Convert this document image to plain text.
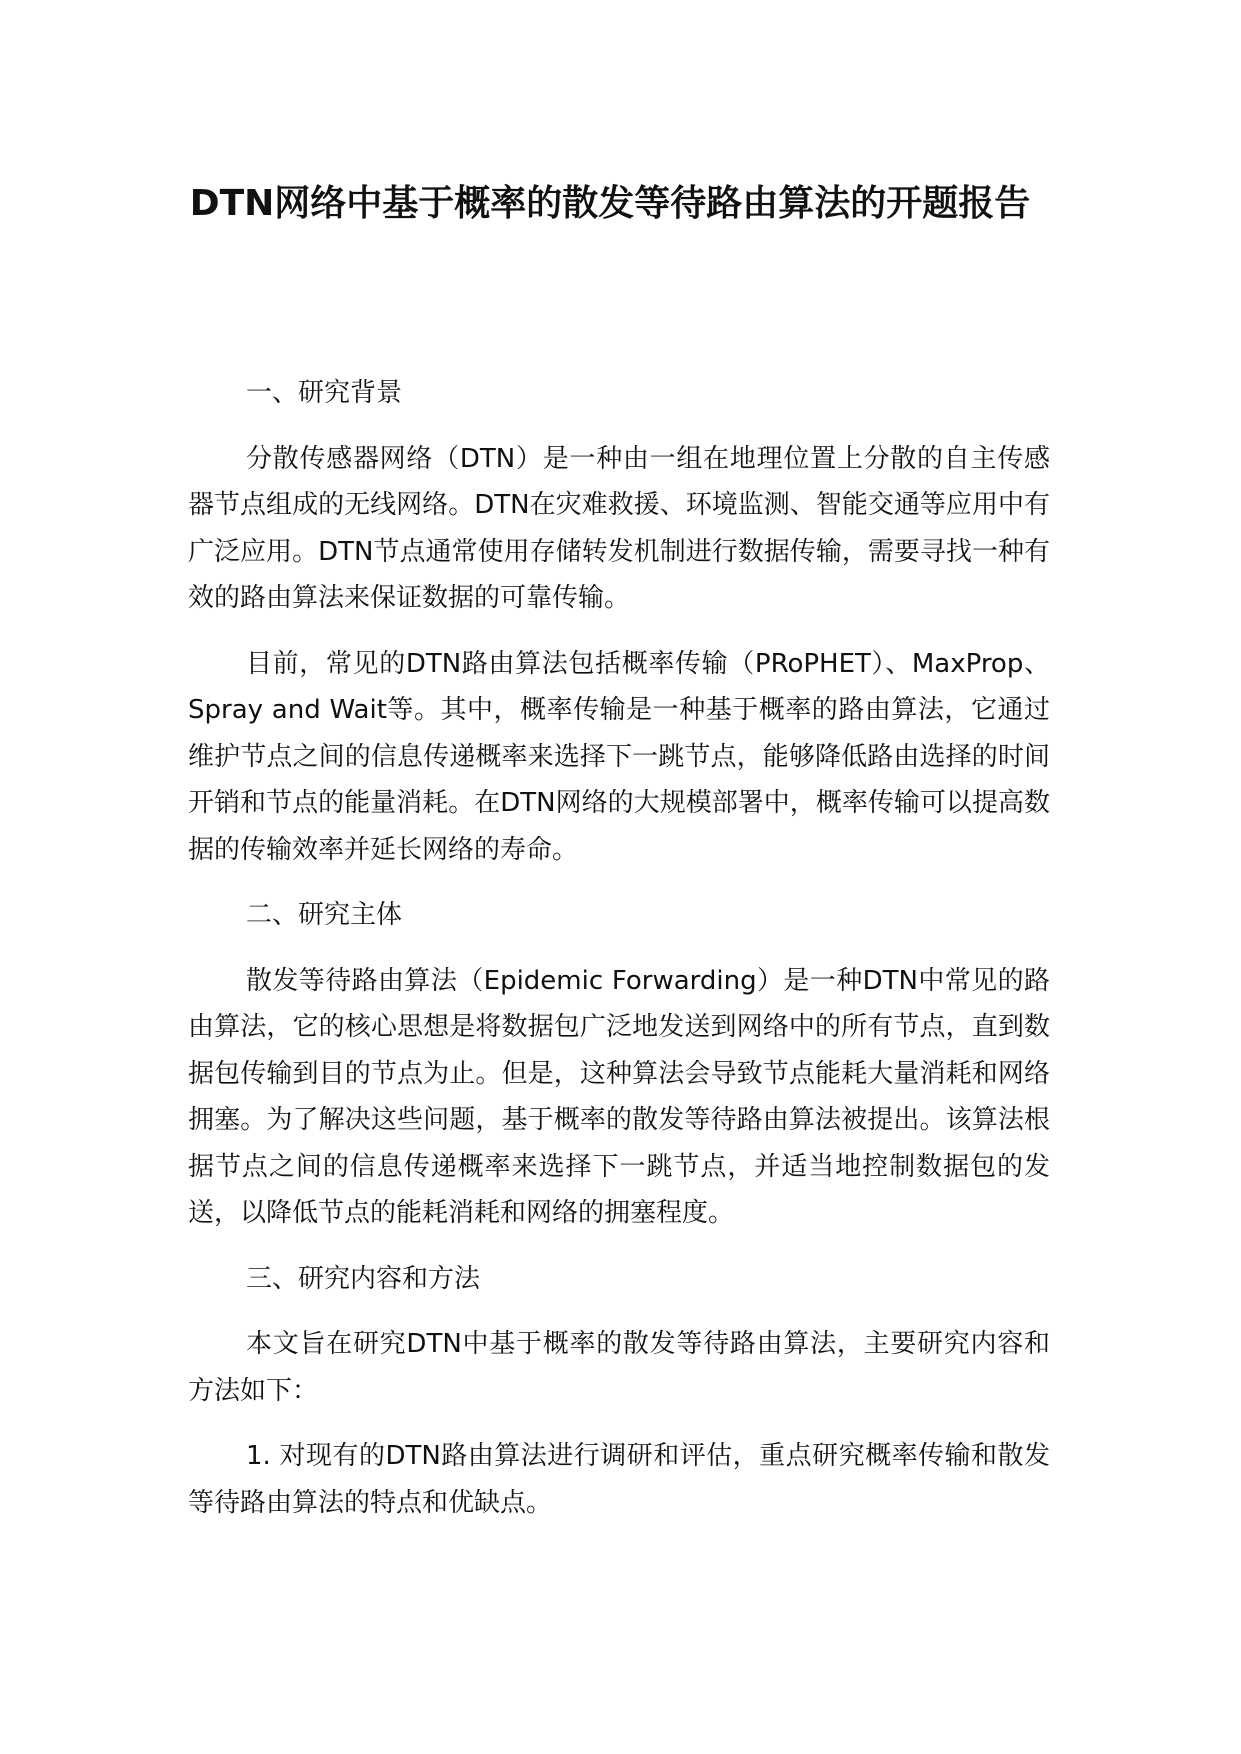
DTN网络中基于概率的散发等待路由算法的开题报告

一、研究背景

分散传感器网络（DTN）是一种由一组在地理位置上分散的自主传感器节点组成的无线网络。DTN在灾难救援、环境监测、智能交通等应用中有广泛应用。DTN节点通常使用存储转发机制进行数据传输，需要寻找一种有效的路由算法来保证数据的可靠传输。

目前，常见的DTN路由算法包括概率传输（PRoPHET）、MaxProp、Spray and Wait等。其中，概率传输是一种基于概率的路由算法，它通过维护节点之间的信息传递概率来选择下一跳节点，能够降低路由选择的时间开销和节点的能量消耗。在DTN网络的大规模部署中，概率传输可以提高数据的传输效率并延长网络的寿命。

二、研究主体

散发等待路由算法（Epidemic Forwarding）是一种DTN中常见的路由算法，它的核心思想是将数据包广泛地发送到网络中的所有节点，直到数据包传输到目的节点为止。但是，这种算法会导致节点能耗大量消耗和网络拥塞。为了解决这些问题，基于概率的散发等待路由算法被提出。该算法根据节点之间的信息传递概率来选择下一跳节点，并适当地控制数据包的发送，以降低节点的能耗消耗和网络的拥塞程度。

三、研究内容和方法

本文旨在研究DTN中基于概率的散发等待路由算法，主要研究内容和方法如下：

1. 对现有的DTN路由算法进行调研和评估，重点研究概率传输和散发等待路由算法的特点和优缺点。
